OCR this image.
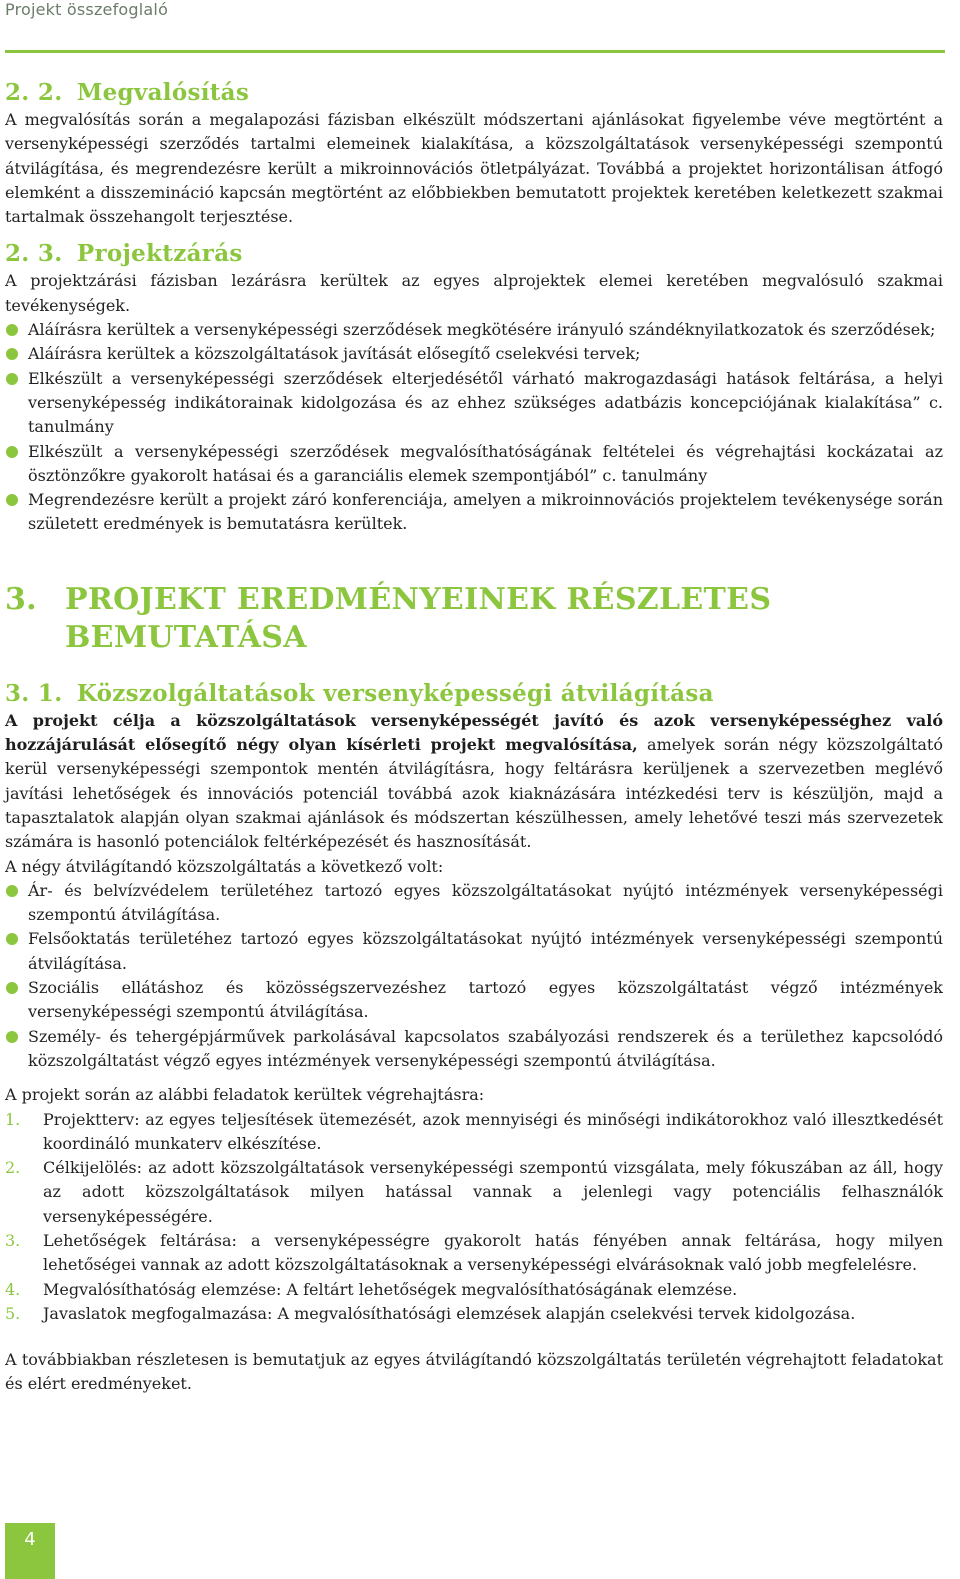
Projekt összefoglaló
2. 2. Megvalósítás

A megvalósítás során a megalapozási fázisban elkészült módszertani ajánlásokat figyelembe véve megtörtént a versenyképességi szerződés tartalmi elemeinek kialakítása, a közszolgáltatások versenyképességi szempontú átvilágítása, és megrendezésre került a mikroinnovációs ötletpályázat. Továbbá a projektet horizontálisan átfogó elemként a disszemináció kapcsán megtörtént az előbbiekben bemutatott projektek keretében keletkezett szakmai tartalmak összehangolt terjesztése.

2. 3. Projektzárás

A projektzárási fázisban lezárásra kerültek az egyes alprojektek elemei keretében megvalósuló szakmai tevékenységek.

Aláírásra kerültek a versenyképességi szerződések megkötésére irányuló szándéknyilatkozatok és szerződések;
Aláírásra kerültek a közszolgáltatások javítását elősegítő cselekvési tervek;
Elkészült a versenyképességi szerződések elterjedésétől várható makrogazdasági hatások feltárása, a helyi versenyképesség indikátorainak kidolgozása és az ehhez szükséges adatbázis koncepciójának kialakítása” c. tanulmány
Elkészült a versenyképességi szerződések megvalósíthatóságának feltételei és végrehajtási kockázatai az ösztönzőkre gyakorolt hatásai és a garanciális elemek szempontjából” c. tanulmány
Megrendezésre került a projekt záró konferenciája, amelyen a mikroinnovációs projektelem tevékenysége során született eredmények is bemutatásra kerültek.
3. PROJEKT EREDMÉNYEINEK RÉSZLETES
BEMUTATÁSA
3. 1. Közszolgáltatások versenyképességi átvilágítása

A projekt célja a közszolgáltatások versenyképességét javító és azok versenyképességhez való hozzájárulását elősegítő négy olyan kísérleti projekt megvalósítása, amelyek során négy közszolgáltató kerül versenyképességi szempontok mentén átvilágításra, hogy feltárásra kerüljenek a szervezetben meglévő javítási lehetőségek és innovációs potenciál továbbá azok kiaknázására intézkedési terv is készüljön, majd a tapasztalatok alapján olyan szakmai ajánlások és módszertan készülhessen, amely lehetővé teszi más szervezetek számára is hasonló potenciálok feltérképezését és hasznosítását.

A négy átvilágítandó közszolgáltatás a következő volt:

Ár- és belvízvédelem területéhez tartozó egyes közszolgáltatásokat nyújtó intézmények versenyképességi szempontú átvilágítása.
Felsőoktatás területéhez tartozó egyes közszolgáltatásokat nyújtó intézmények versenyképességi szempontú átvilágítása.
Szociális ellátáshoz és közösségszervezéshez tartozó egyes közszolgáltatást végző intézmények versenyképességi szempontú átvilágítása.
Személy- és tehergépjárművek parkolásával kapcsolatos szabályozási rendszerek és a területhez kapcsolódó közszolgáltatást végző egyes intézmények versenyképességi szempontú átvilágítása.

A projekt során az alábbi feladatok kerültek végrehajtásra:

1. Projektterv: az egyes teljesítések ütemezését, azok mennyiségi és minőségi indikátorokhoz való illesztkedését koordináló munkaterv elkészítése.
2. Célkijelölés: az adott közszolgáltatások versenyképességi szempontú vizsgálata, mely fókuszában az áll, hogy az adott közszolgáltatások milyen hatással vannak a jelenlegi vagy potenciális felhasználók versenyképességére.
3. Lehetőségek feltárása: a versenyképességre gyakorolt hatás fényében annak feltárása, hogy milyen lehetőségei vannak az adott közszolgáltatásoknak a versenyképességi elvárásoknak való jobb megfelelésre.
4. Megvalósíthatóság elemzése: A feltárt lehetőségek megvalósíthatóságának elemzése.
5. Javaslatok megfogalmazása: A megvalósíthatósági elemzések alapján cselekvési tervek kidolgozása.

A továbbiakban részletesen is bemutatjuk az egyes átvilágítandó közszolgáltatás területén végrehajtott feladatokat és elért eredményeket.

4
